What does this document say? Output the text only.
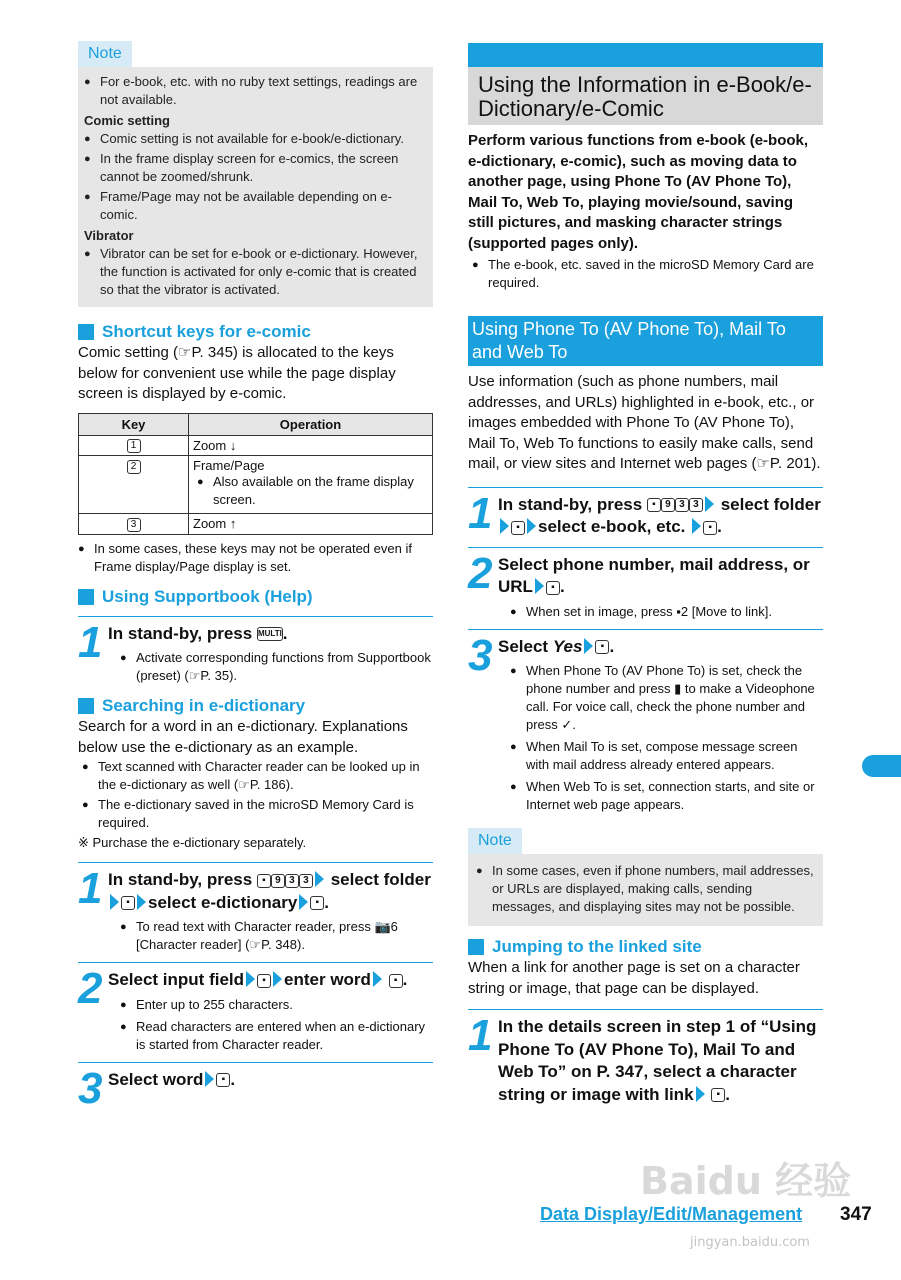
Note
● For e-book, etc. with no ruby text settings, readings are not available.
Comic setting
● Comic setting is not available for e-book/e-dictionary.
● In the frame display screen for e-comics, the screen cannot be zoomed/shrunk.
● Frame/Page may not be available depending on e-comic.
Vibrator
● Vibrator can be set for e-book or e-dictionary. However, the function is activated for only e-comic that is created so that the vibrator is activated.
Shortcut keys for e-comic
Comic setting (☞P. 345) is allocated to the keys below for convenient use while the page display screen is displayed by e-comic.
Key	Operation
1	Zoom ↓
2	Frame/Page
● Also available on the frame display screen.

3	Zoom ↑
● In some cases, these keys may not be operated even if Frame display/Page display is set.
Using Supportbook (Help)
1 In stand-by, press MULTI.
● Activate corresponding functions from Supportbook (preset) (☞P. 35).
Searching in e-dictionary
Search for a word in an e-dictionary. Explanations below use the e-dictionary as an example.
● Text scanned with Character reader can be looked up in the e-dictionary as well (☞P. 186).
● The e-dictionary saved in the microSD Memory Card is required.
※ Purchase the e-dictionary separately.
1 In stand-by, press ▪ 9 3 3 select folder▪select e-dictionary ▪ .
● To read text with Character reader, press 📷6 [Character reader] (☞P. 348).
2 Select input field ▪ enter word ▪ .
● Enter up to 255 characters.
● Read characters are entered when an e-dictionary is started from Character reader.
3 Select word ▪ .
Using the Information in e-Book/e-Dictionary/e-Comic
Perform various functions from e-book (e-book, e-dictionary, e-comic), such as moving data to another page, using Phone To (AV Phone To), Mail To, Web To, playing movie/sound, saving still pictures, and masking character strings (supported pages only).
● The e-book, etc. saved in the microSD Memory Card are required.
Using Phone To (AV Phone To), Mail To and Web To
Use information (such as phone numbers, mail addresses, and URLs) highlighted in e-book, etc., or images embedded with Phone To (AV Phone To), Mail To, Web To functions to easily make calls, send mail, or view sites and Internet web pages (☞P. 201).
1 In stand-by, press ▪ 9 3 3 select folder▪select e-book, etc. ▪ .
2 Select phone number, mail address, or URL ▪ .
● When set in image, press ▪2 [Move to link].
3 Select Yes ▪ .
● When Phone To (AV Phone To) is set, check the phone number and press ▮ to make a Videophone call. For voice call, check the phone number and press ✓.
● When Mail To is set, compose message screen with mail address already entered appears.
● When Web To is set, connection starts, and site or Internet web page appears.
Note
● In some cases, even if phone numbers, mail addresses, or URLs are displayed, making calls, sending messages, and displaying sites may not be possible.
Jumping to the linked site
When a link for another page is set on a character string or image, that page can be displayed.
1 In the details screen in step 1 of “Using Phone To (AV Phone To), Mail To and Web To” on P. 347, select a character string or image with link ▪ .
Baidu 经验
jingyan.baidu.com
Data Display/Edit/Management 347
